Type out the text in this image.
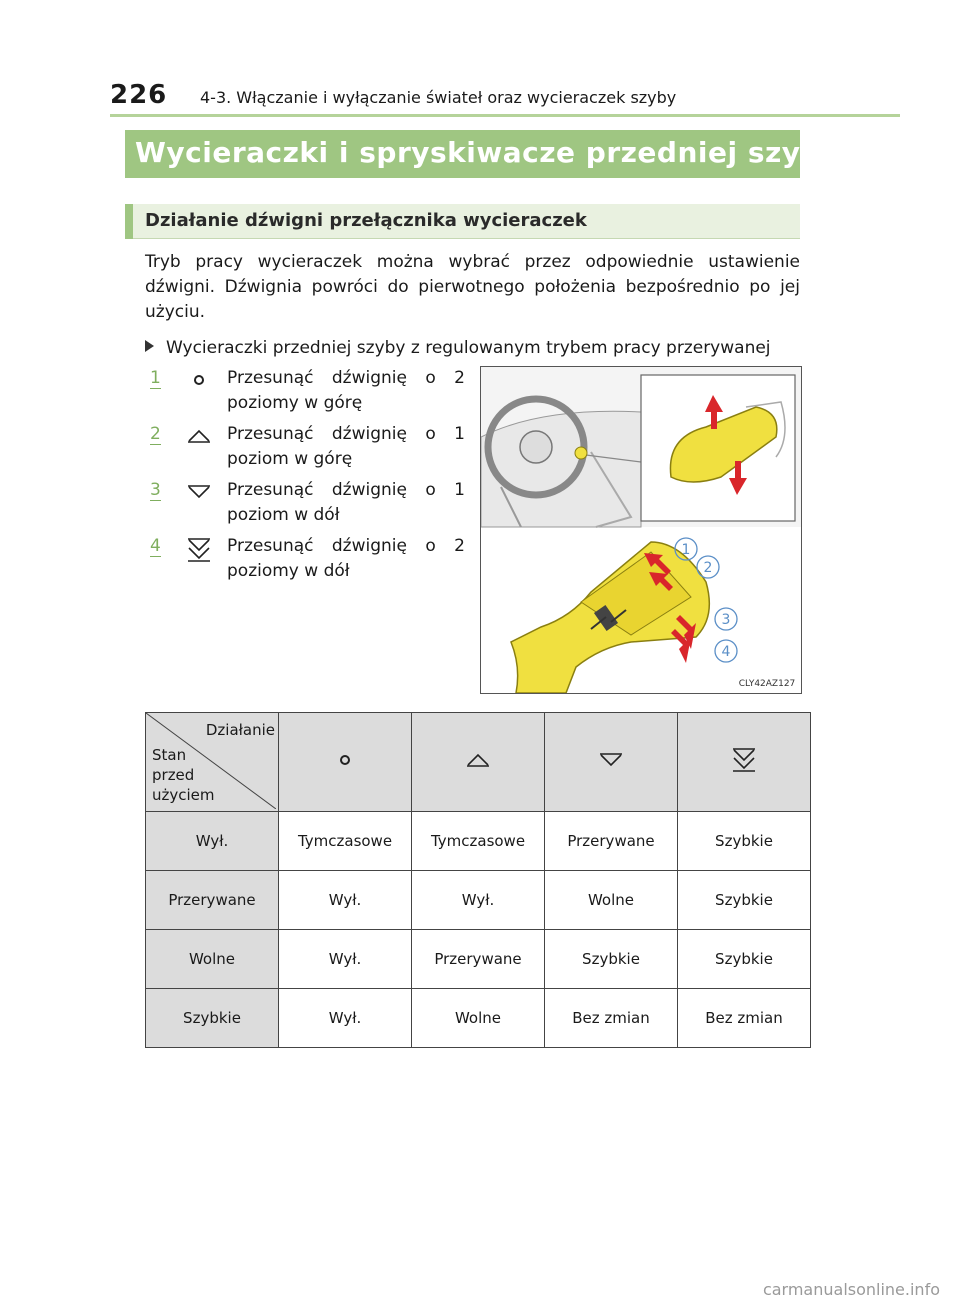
226 4-3. Włączanie i wyłączanie świateł oraz wycieraczek szyby
Wycieraczki i spryskiwacze przedniej szyby
Działanie dźwigni przełącznika wycieraczek
Tryb pracy wycieraczek można wybrać przez odpowiednie ustawienie dźwigni. Dźwignia powróci do pierwotnego położenia bezpośrednio po jej użyciu.
Wycieraczki przedniej szyby z regulowanym trybem pracy przerywanej
1	Przesunąć dźwignię o 2 poziomy w górę
2	Przesunąć dźwignię o 1 poziom w górę
3	Przesunąć dźwignię o 1 poziom w dół
4	Przesunąć dźwignię o 2 poziomy w dół
1
2
3
4
CLY42AZ127
Działanie
Stan
przed
użyciem

Wył.	Tymczasowe	Tymczasowe	Przerywane	Szybkie
Przerywane	Wył.	Wył.	Wolne	Szybkie
Wolne	Wył.	Przerywane	Szybkie	Szybkie
Szybkie	Wył.	Wolne	Bez zmian	Bez zmian
carmanualsonline.info
